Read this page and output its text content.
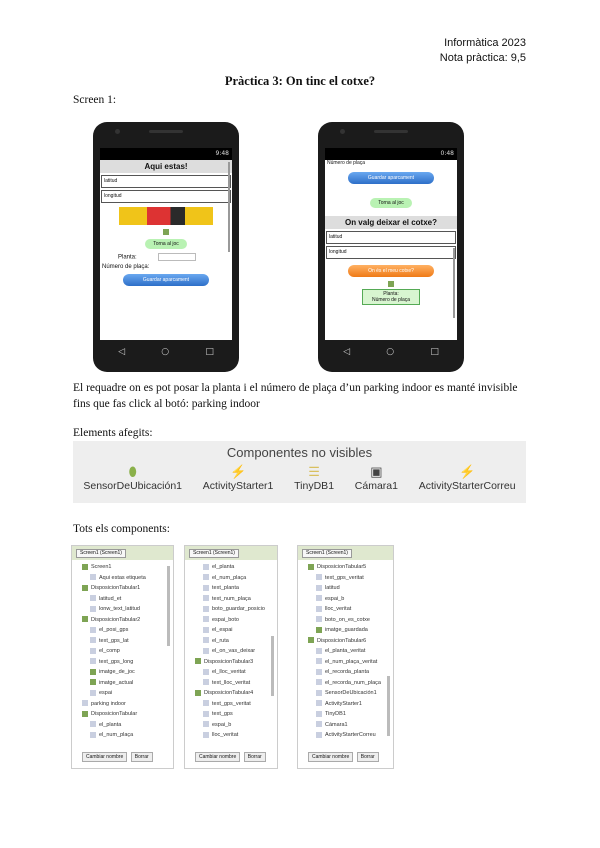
Informàtica 2023
Nota pràctica: 9,5
Pràctica 3: On tinc el cotxe?
Screen 1:
9:48
Aqui estas!
latitud
longitud
Torna al joc
Planta:
Número de plaça:
Guardar aparcament
◁	○	□
0:48
Número de plaça
Guardar aparcament
Torna al joc
On valg deixar el cotxe?
latitud
longitud
On és el meu cotxe?
Planta:
Número de plaça
◁	○	□
El requadre on es pot posar la planta i el número de plaça d’un parking indoor es manté invisible fins que fas click al botó: parking indoor
Elements afegits:
Componentes no visibles
⬮
SensorDeUbicación1
⚡
ActivityStarter1
☰
TinyDB1
▣
Cámara1
⚡
ActivityStarterCorreu
Tots els components:
Screen1 (Screen1)
Screen1
Aqui estas etiqueta
DisposicionTabular1
latitud_et
lonw_text_latitud
DisposicionTabular2
el_posi_gps
text_gps_lat
el_comp
text_gps_long
imatge_de_joc
imatge_actual
espai
parking indoor
DisposicionTabular
el_planta
el_num_plaça
Cambiar nombre Borrar
Screen1 (Screen1)
el_planta
el_num_plaça
text_planta
text_num_plaça
boto_guardar_posicio
espai_boto
el_espai
el_ruta
el_on_vas_deixar
DisposicionTabular3
el_lloc_veritat
text_lloc_veritat
DisposicionTabular4
text_gps_veritat
text_gps
espai_b
lloc_veritat
Cambiar nombre Borrar
Screen1 (Screen1)
DisposicionTabular5
text_gps_veritat
latitud
espai_b
lloc_veritat
boto_on_es_cotxe
imatge_guardada
DisposicionTabular6
el_planta_veritat
el_num_plaça_veritat
el_recorda_planta
el_recorda_num_plaça
SensorDeUbicación1
ActivityStarter1
TinyDB1
Cámara1
ActivityStarterCorreu
Cambiar nombre Borrar
